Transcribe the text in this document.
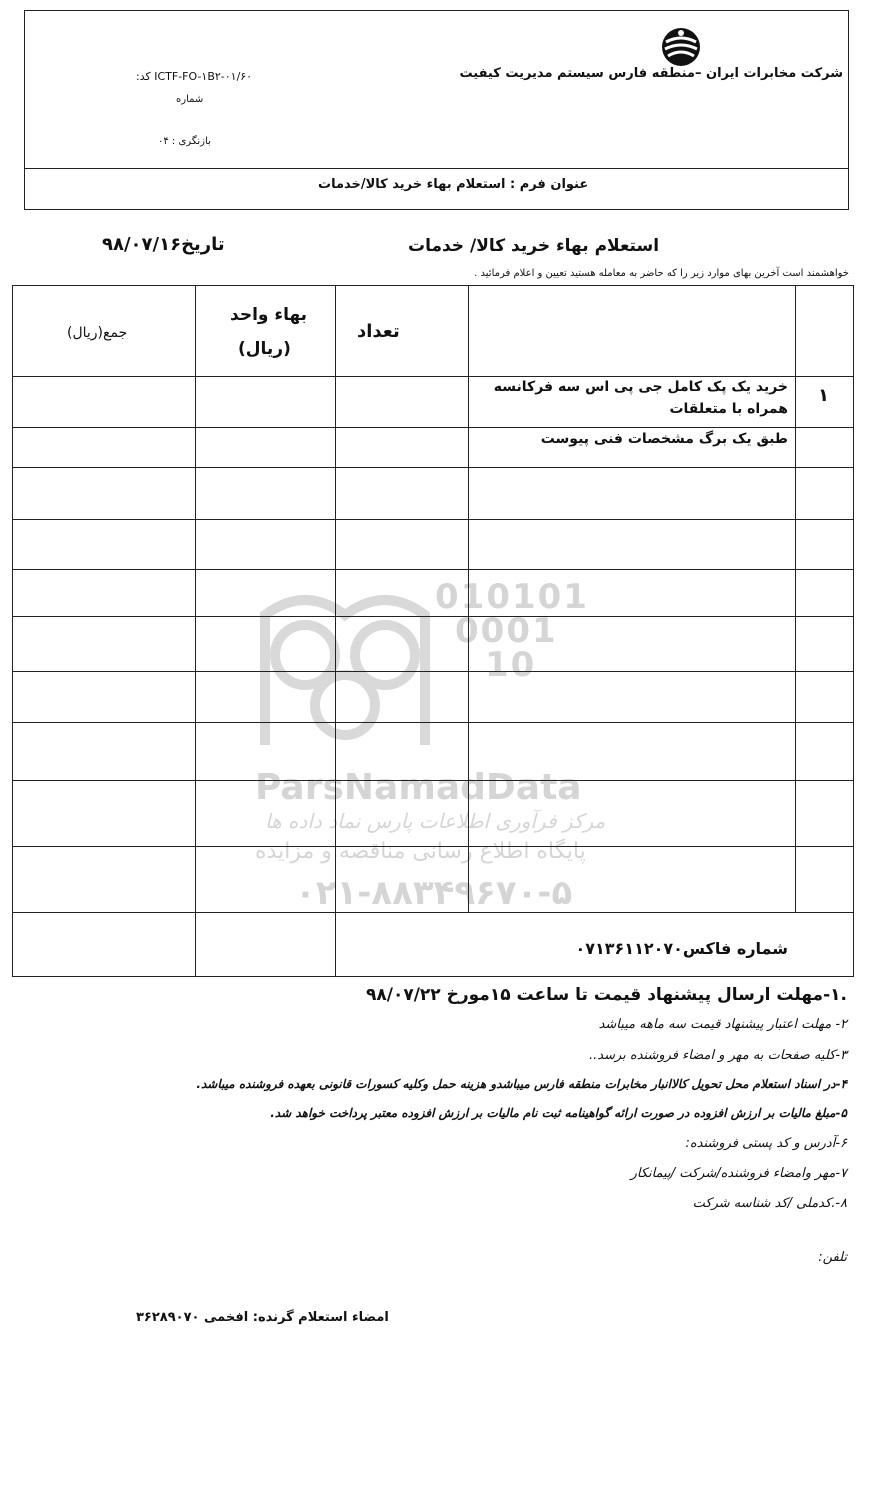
شرکت مخابرات ایران –منطقه فارس سیستم مدیریت کیفیت
ICTF-FO-۱B۲-۰۱/۶۰ کد:
شماره
بازنگری : ۰۴
عنوان فرم : استعلام بهاء خرید کالا/خدمات
استعلام بهاء خرید کالا/ خدمات
تاریخ۹۸/۰۷/۱۶
خواهشمند است آخرین بهای موارد زیر را که حاضر به معامله هستید تعیین و اعلام فرمائید .
010101
0001
10
ParsNamadData
مرکز فرآوری اطلاعات پارس نماد داده ها
پایگاه اطلاع رسانی مناقصه و مزایده
۰۲۱-۸۸۳۴۹۶۷۰-۵
تعداد
بهاء واحد
(ریال)
جمع(ریال)
۱
خرید یک پک کامل جی پی اس سه فرکانسه
همراه با متعلقات
طبق یک برگ مشخصات فنی پیوست
شماره فاکس۰۷۱۳۶۱۱۲۰۷۰
.۱-مهلت ارسال پیشنهاد قیمت تا ساعت ۱۵مورخ ۹۸/۰۷/۲۲
۲- مهلت اعتبار پیشنهاد قیمت سه ماهه میباشد
۳-کلیه صفحات به مهر و امضاء فروشنده برسد..
۴-در اسناد استعلام محل تحویل کالاانبار مخابرات منطقه فارس میباشدو هزینه حمل وکلیه کسورات قانونی بعهده فروشنده میباشد.
۵-مبلغ مالیات بر ارزش افزوده در صورت ارائه گواهینامه ثبت نام مالیات بر ارزش افزوده معتبر پرداخت خواهد شد.
۶-آدرس و کد پستی فروشنده:
۷-مهر وامضاء فروشنده/شرکت /پیمانکار
۸-.کدملی /کد شناسه شرکت
تلفن:
امضاء استعلام گرنده: افخمی ۳۶۲۸۹۰۷۰
